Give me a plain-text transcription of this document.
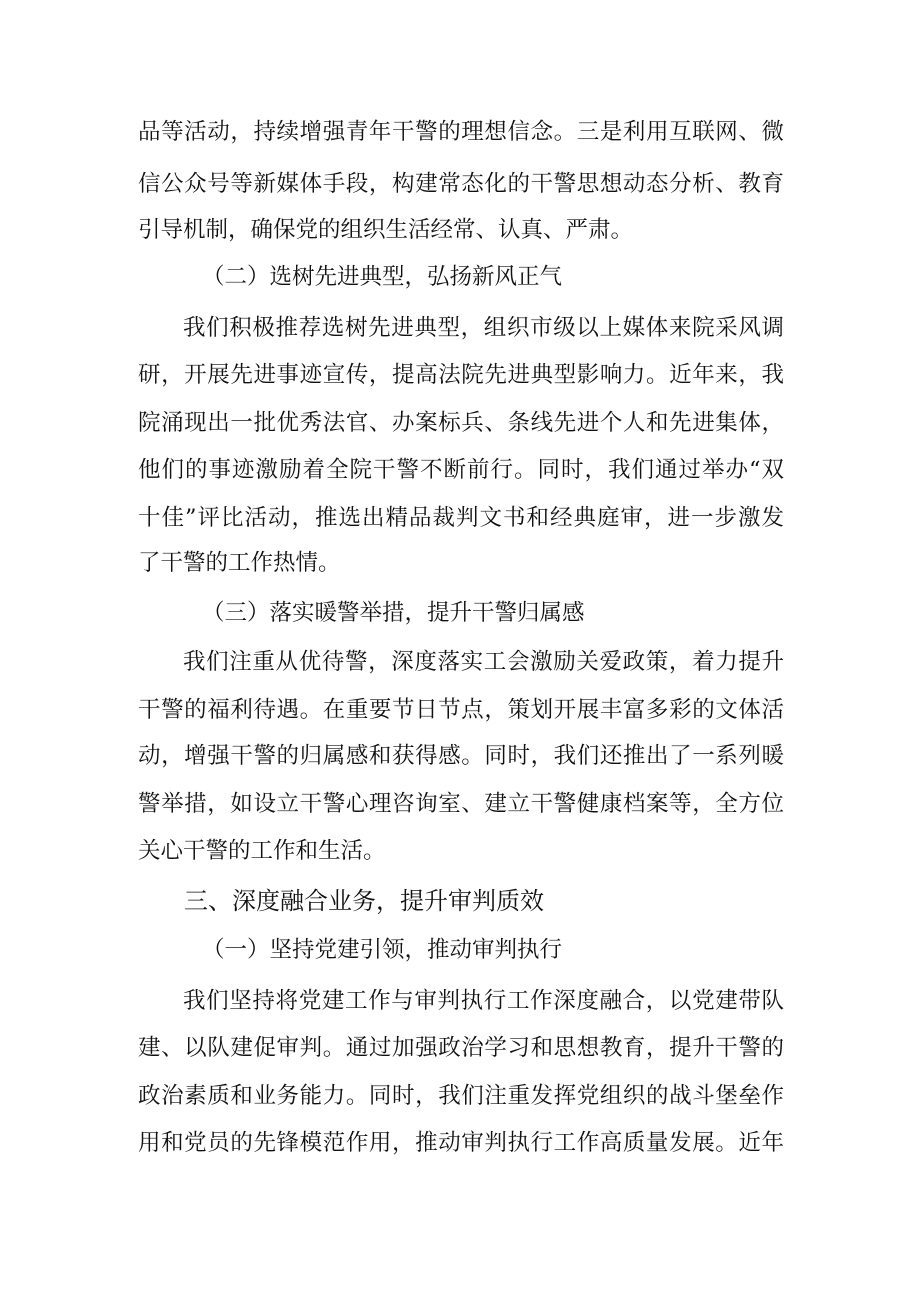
品等活动，持续增强青年干警的理想信念。三是利用互联网、微
信公众号等新媒体手段，构建常态化的干警思想动态分析、教育
引导机制，确保党的组织生活经常、认真、严肃。
（二）选树先进典型，弘扬新风正气
我们积极推荐选树先进典型，组织市级以上媒体来院采风调
研，开展先进事迹宣传，提高法院先进典型影响力。近年来，我
院涌现出一批优秀法官、办案标兵、条线先进个人和先进集体，
他们的事迹激励着全院干警不断前行。同时，我们通过举办“双
十佳”评比活动，推选出精品裁判文书和经典庭审，进一步激发
了干警的工作热情。
（三）落实暖警举措，提升干警归属感
我们注重从优待警，深度落实工会激励关爱政策，着力提升
干警的福利待遇。在重要节日节点，策划开展丰富多彩的文体活
动，增强干警的归属感和获得感。同时，我们还推出了一系列暖
警举措，如设立干警心理咨询室、建立干警健康档案等，全方位
关心干警的工作和生活。
三、深度融合业务，提升审判质效
（一）坚持党建引领，推动审判执行
我们坚持将党建工作与审判执行工作深度融合，以党建带队
建、以队建促审判。通过加强政治学习和思想教育，提升干警的
政治素质和业务能力。同时，我们注重发挥党组织的战斗堡垒作
用和党员的先锋模范作用，推动审判执行工作高质量发展。近年
